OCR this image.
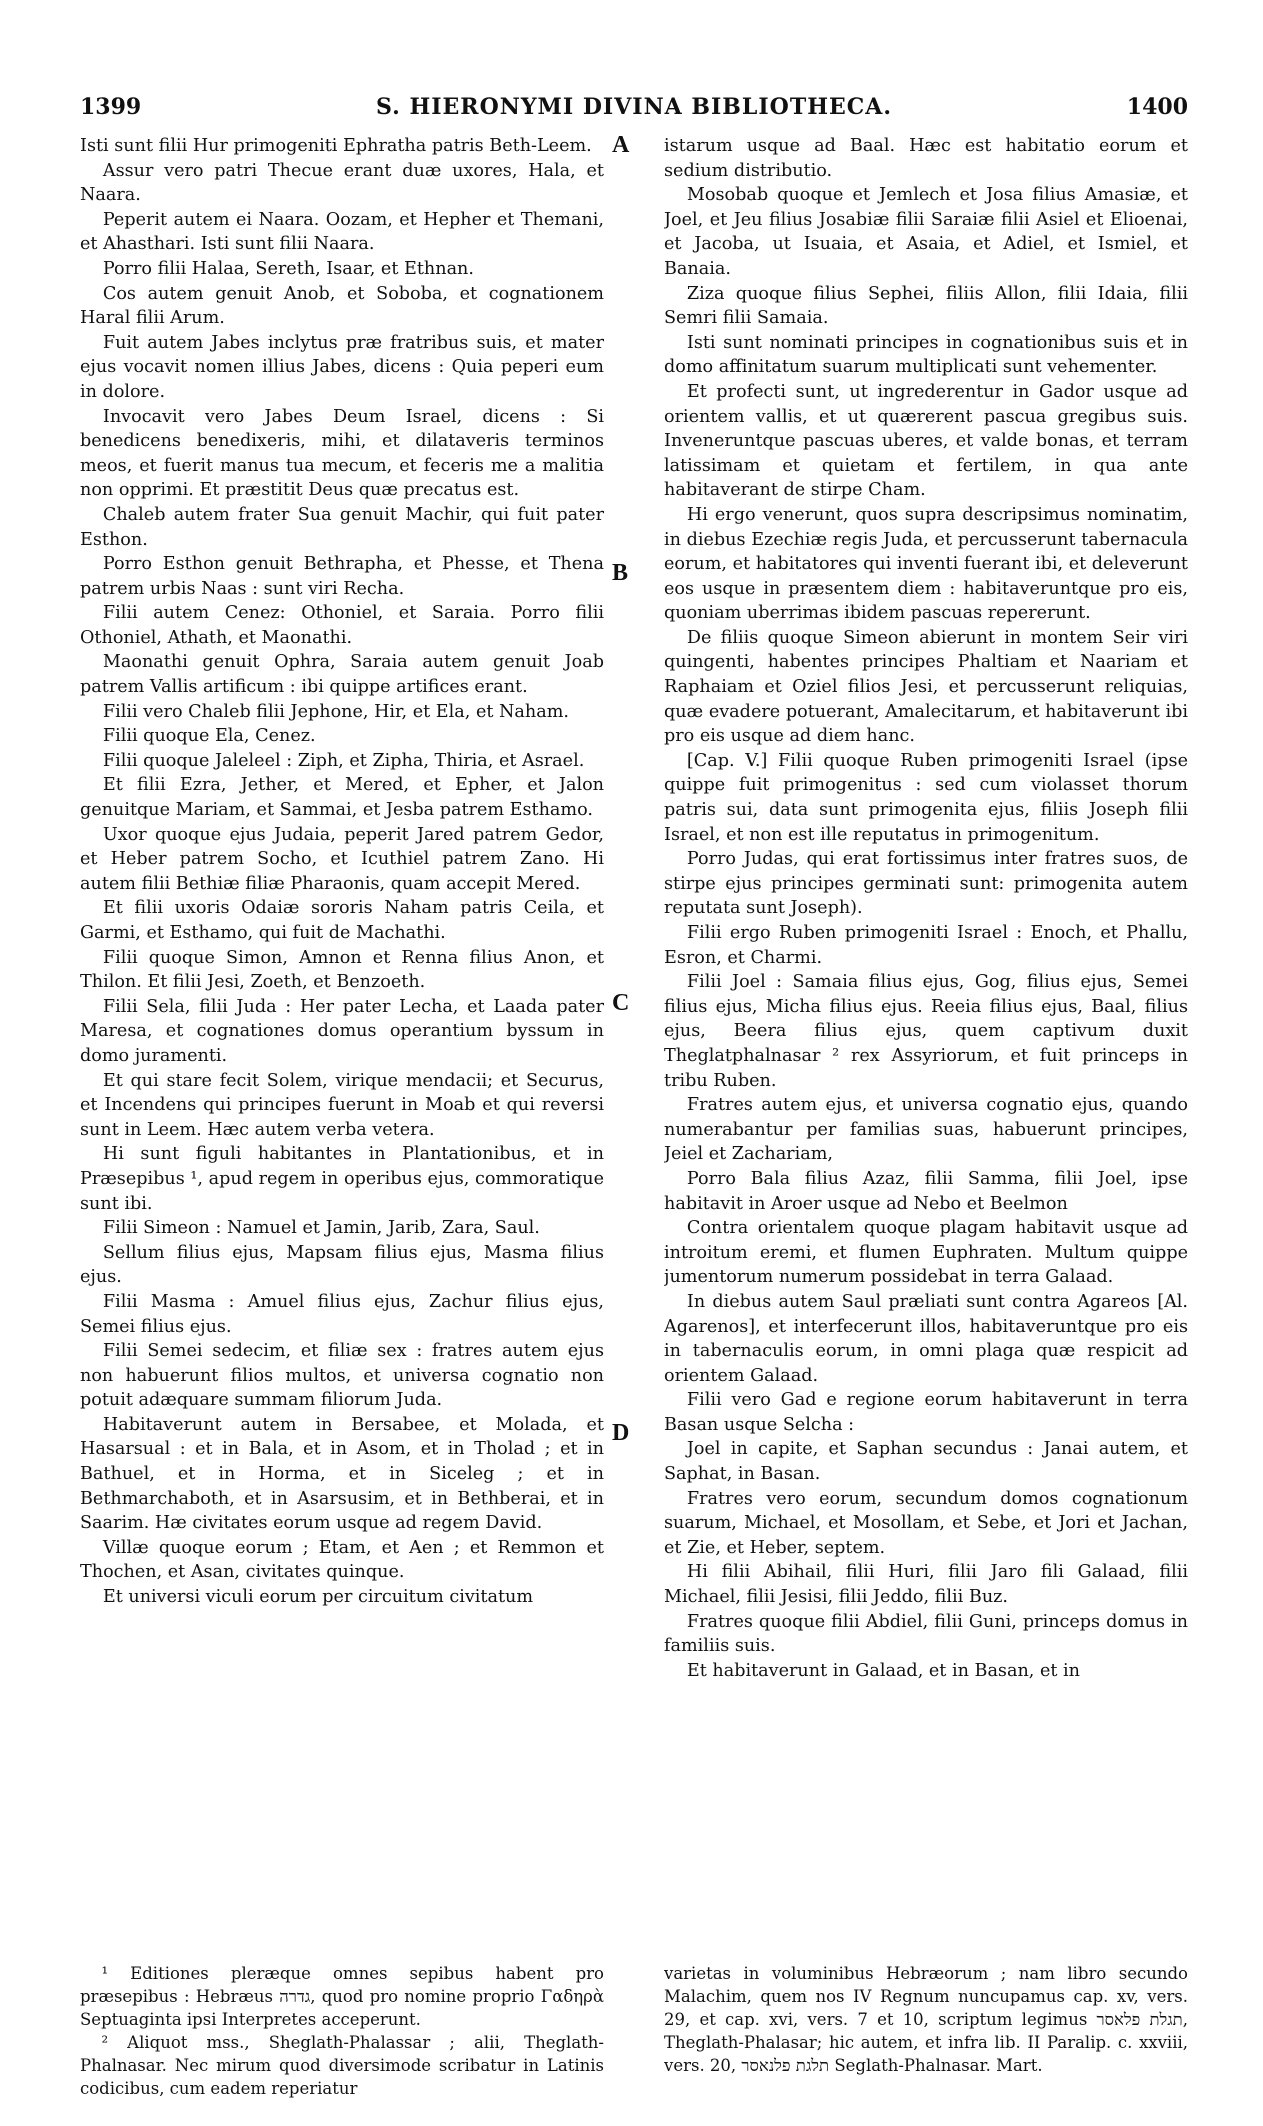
1399	S. HIERONYMI DIVINA BIBLIOTHECA.	1400
A
B
C
D

Isti sunt filii Hur primogeniti Ephratha patris Beth-Leem.

Assur vero patri Thecue erant duæ uxores, Hala, et Naara.

Peperit autem ei Naara. Oozam, et Hepher et Themani, et Ahasthari. Isti sunt filii Naara.

Porro filii Halaa, Sereth, Isaar, et Ethnan.

Cos autem genuit Anob, et Soboba, et cognationem Haral filii Arum.

Fuit autem Jabes inclytus præ fratribus suis, et mater ejus vocavit nomen illius Jabes, dicens : Quia peperi eum in dolore.

Invocavit vero Jabes Deum Israel, dicens : Si benedicens benedixeris, mihi, et dilataveris terminos meos, et fuerit manus tua mecum, et feceris me a malitia non opprimi. Et præstitit Deus quæ precatus est.

Chaleb autem frater Sua genuit Machir, qui fuit pater Esthon.

Porro Esthon genuit Bethrapha, et Phesse, et Thena patrem urbis Naas : sunt viri Recha.

Filii autem Cenez: Othoniel, et Saraia. Porro filii Othoniel, Athath, et Maonathi.

Maonathi genuit Ophra, Saraia autem genuit Joab patrem Vallis artificum : ibi quippe artifices erant.

Filii vero Chaleb filii Jephone, Hir, et Ela, et Naham.

Filii quoque Ela, Cenez.

Filii quoque Jaleleel : Ziph, et Zipha, Thiria, et Asrael.

Et filii Ezra, Jether, et Mered, et Epher, et Jalon genuitque Mariam, et Sammai, et Jesba patrem Esthamo.

Uxor quoque ejus Judaia, peperit Jared patrem Gedor, et Heber patrem Socho, et Icuthiel patrem Zano. Hi autem filii Bethiæ filiæ Pharaonis, quam accepit Mered.

Et filii uxoris Odaiæ sororis Naham patris Ceila, et Garmi, et Esthamo, qui fuit de Machathi.

Filii quoque Simon, Amnon et Renna filius Anon, et Thilon. Et filii Jesi, Zoeth, et Benzoeth.

Filii Sela, filii Juda : Her pater Lecha, et Laada pater Maresa, et cognationes domus operantium byssum in domo juramenti.

Et qui stare fecit Solem, virique mendacii; et Securus, et Incendens qui principes fuerunt in Moab et qui reversi sunt in Leem. Hæc autem verba vetera.

Hi sunt figuli habitantes in Plantationibus, et in Præsepibus ¹, apud regem in operibus ejus, commoratique sunt ibi.

Filii Simeon : Namuel et Jamin, Jarib, Zara, Saul.

Sellum filius ejus, Mapsam filius ejus, Masma filius ejus.

Filii Masma : Amuel filius ejus, Zachur filius ejus, Semei filius ejus.

Filii Semei sedecim, et filiæ sex : fratres autem ejus non habuerunt filios multos, et universa cognatio non potuit adæquare summam filiorum Juda.

Habitaverunt autem in Bersabee, et Molada, et Hasarsual : et in Bala, et in Asom, et in Tholad ; et in Bathuel, et in Horma, et in Siceleg ; et in Bethmarchaboth, et in Asarsusim, et in Bethberai, et in Saarim. Hæ civitates eorum usque ad regem David.

Villæ quoque eorum ; Etam, et Aen ; et Remmon et Thochen, et Asan, civitates quinque.

Et universi viculi eorum per circuitum civitatum

istarum usque ad Baal. Hæc est habitatio eorum et sedium distributio.

Mosobab quoque et Jemlech et Josa filius Amasiæ, et Joel, et Jeu filius Josabiæ filii Saraiæ filii Asiel et Elioenai, et Jacoba, ut Isuaia, et Asaia, et Adiel, et Ismiel, et Banaia.

Ziza quoque filius Sephei, filiis Allon, filii Idaia, filii Semri filii Samaia.

Isti sunt nominati principes in cognationibus suis et in domo affinitatum suarum multiplicati sunt vehementer.

Et profecti sunt, ut ingrederentur in Gador usque ad orientem vallis, et ut quærerent pascua gregibus suis. Inveneruntque pascuas uberes, et valde bonas, et terram latissimam et quietam et fertilem, in qua ante habitaverant de stirpe Cham.

Hi ergo venerunt, quos supra descripsimus nominatim, in diebus Ezechiæ regis Juda, et percusserunt tabernacula eorum, et habitatores qui inventi fuerant ibi, et deleverunt eos usque in præsentem diem : habitaveruntque pro eis, quoniam uberrimas ibidem pascuas repererunt.

De filiis quoque Simeon abierunt in montem Seir viri quingenti, habentes principes Phaltiam et Naariam et Raphaiam et Oziel filios Jesi, et percusserunt reliquias, quæ evadere potuerant, Amalecitarum, et habitaverunt ibi pro eis usque ad diem hanc.

[Cap. V.] Filii quoque Ruben primogeniti Israel (ipse quippe fuit primogenitus : sed cum violasset thorum patris sui, data sunt primogenita ejus, filiis Joseph filii Israel, et non est ille reputatus in primogenitum.

Porro Judas, qui erat fortissimus inter fratres suos, de stirpe ejus principes germinati sunt: primogenita autem reputata sunt Joseph).

Filii ergo Ruben primogeniti Israel : Enoch, et Phallu, Esron, et Charmi.

Filii Joel : Samaia filius ejus, Gog, filius ejus, Semei filius ejus, Micha filius ejus. Reeia filius ejus, Baal, filius ejus, Beera filius ejus, quem captivum duxit Theglatphalnasar ² rex Assyriorum, et fuit princeps in tribu Ruben.

Fratres autem ejus, et universa cognatio ejus, quando numerabantur per familias suas, habuerunt principes, Jeiel et Zachariam,

Porro Bala filius Azaz, filii Samma, filii Joel, ipse habitavit in Aroer usque ad Nebo et Beelmon

Contra orientalem quoque plagam habitavit usque ad introitum eremi, et flumen Euphraten. Multum quippe jumentorum numerum possidebat in terra Galaad.

In diebus autem Saul præliati sunt contra Agareos [Al. Agarenos], et interfecerunt illos, habitaveruntque pro eis in tabernaculis eorum, in omni plaga quæ respicit ad orientem Galaad.

Filii vero Gad e regione eorum habitaverunt in terra Basan usque Selcha :

Joel in capite, et Saphan secundus : Janai autem, et Saphat, in Basan.

Fratres vero eorum, secundum domos cognationum suarum, Michael, et Mosollam, et Sebe, et Jori et Jachan, et Zie, et Heber, septem.

Hi filii Abihail, filii Huri, filii Jaro fili Galaad, filii Michael, filii Jesisi, filii Jeddo, filii Buz.

Fratres quoque filii Abdiel, filii Guni, princeps domus in familiis suis.

Et habitaverunt in Galaad, et in Basan, et in

¹ Editiones pleræque omnes sepibus habent pro præsepibus : Hebræus גדרה, quod pro nomine proprio Γαδηρὰ Septuaginta ipsi Interpretes acceperunt.

² Aliquot mss., Sheglath-Phalassar ; alii, Theglath-Phalnasar. Nec mirum quod diversimode scribatur in Latinis codicibus, cum eadem reperiatur

varietas in voluminibus Hebræorum ; nam libro secundo Malachim, quem nos IV Regnum nuncupamus cap. xv, vers. 29, et cap. xvi, vers. 7 et 10, scriptum legimus תגלת פלאסר, Theglath-Phalasar; hic autem, et infra lib. II Paralip. c. xxviii, vers. 20, תלגת פלנאסר Seglath-Phalnasar. Mart.
